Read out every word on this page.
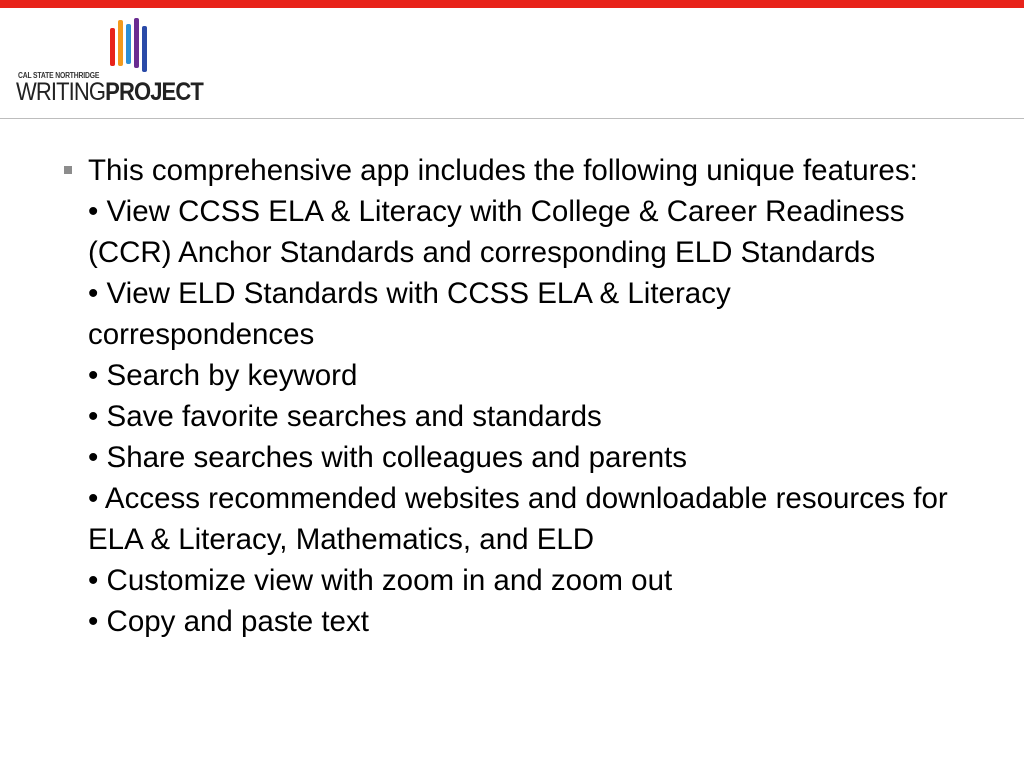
CAL STATE NORTHRIDGE
WRITINGPROJECT
This comprehensive app includes the following unique features:
• View CCSS ELA & Literacy with College & Career Readiness (CCR) Anchor Standards and corresponding ELD Standards
• View ELD Standards with CCSS ELA & Literacy correspondences
• Search by keyword
• Save favorite searches and standards
• Share searches with colleagues and parents
• Access recommended websites and downloadable resources for ELA & Literacy, Mathematics, and ELD
• Customize view with zoom in and zoom out
• Copy and paste text
